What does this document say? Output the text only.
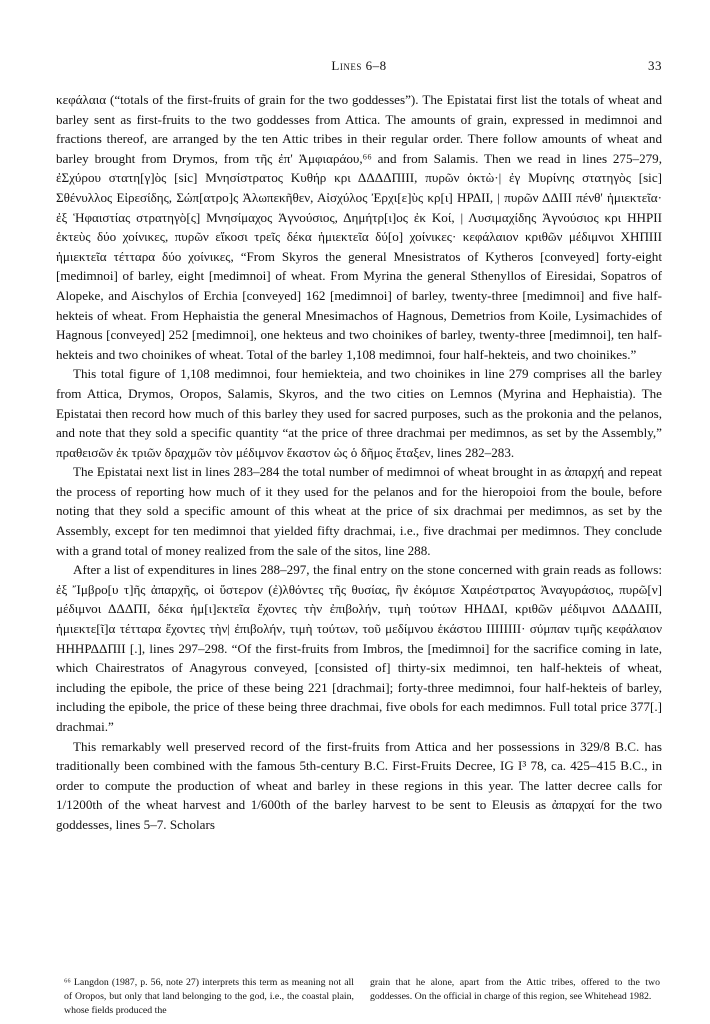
Lines 6–8	33

κεφάλαια (“totals of the first-fruits of grain for the two goddesses”). The Epistatai first list the totals of wheat and barley sent as first-fruits to the two goddesses from Attica. The amounts of grain, expressed in medimnoi and fractions thereof, are arranged by the ten Attic tribes in their regular order. There follow amounts of wheat and barley brought from Drymos, from τῆς ἐπ' Ἀμφιαράου,⁶⁶ and from Salamis. Then we read in lines 275–279, ἐΣχύρου στατη[γ]ὸς [sic] Μνησίστρατος Κυθήρ κρι ΔΔΔΔΠΙΙΙ, πυρῶν ὀκτὼ·| ἐγ Μυρίνης στατηγὸς [sic] Σθένυλλος Εἰρεσίδης, Σώπ[ατρο]ς Ἀλωπεκῆθεν, Αἰσχύλος Ἐρχι[ε]ὺς κρ[ι] ΗΡΔΙΙ, | πυρῶν ΔΔΙΙΙ πένθ' ἡμιεκτεῖα· ἐξ Ἡφαιστίας στρατηγὸ[ς] Μνησίμαχος Ἁγνούσιος, Δημήτρ[ι]ος ἐκ Κοί, | Λυσιμαχίδης Ἁγνούσιος κρι ΗΗΡΙΙ ἑκτεὺς δύο χοίνικες, πυρῶν εἴκοσι τρεῖς δέκα ἡμιεκτεῖα δύ[ο] χοίνικες· κεφάλαιον κριθῶν μέδιμνοι ΧΗΠΙΙΙ ἡμιεκτεῖα τέτταρα δύο χοίνικες, “From Skyros the general Mnesistratos of Kytheros [conveyed] forty-eight [medimnoi] of barley, eight [medimnoi] of wheat. From Myrina the general Sthenyllos of Eiresidai, Sopatros of Alopeke, and Aischylos of Erchia [conveyed] 162 [medimnoi] of barley, twenty-three [medimnoi] and five half-hekteis of wheat. From Hephaistia the general Mnesimachos of Hagnous, Demetrios from Koile, Lysimachides of Hagnous [conveyed] 252 [medimnoi], one hekteus and two choinikes of barley, twenty-three [medimnoi], ten half-hekteis and two choinikes of wheat. Total of the barley 1,108 medimnoi, four half-hekteis, and two choinikes.”

This total figure of 1,108 medimnoi, four hemiekteia, and two choinikes in line 279 comprises all the barley from Attica, Drymos, Oropos, Salamis, Skyros, and the two cities on Lemnos (Myrina and Hephaistia). The Epistatai then record how much of this barley they used for sacred purposes, such as the prokonia and the pelanos, and note that they sold a specific quantity “at the price of three drachmai per medimnos, as set by the Assembly,” πραθεισῶν ἐκ τριῶν δραχμῶν τὸν μέδιμνον ἕκαστον ὡς ὁ δῆμος ἔταξεν, lines 282–283.

The Epistatai next list in lines 283–284 the total number of medimnoi of wheat brought in as ἀπαρχή and repeat the process of reporting how much of it they used for the pelanos and for the hieropoioi from the boule, before noting that they sold a specific amount of this wheat at the price of six drachmai per medimnos, as set by the Assembly, except for ten medimnoi that yielded fifty drachmai, i.e., five drachmai per medimnos. They conclude with a grand total of money realized from the sale of the sitos, line 288.

After a list of expenditures in lines 288–297, the final entry on the stone concerned with grain reads as follows: ἐξ Ἴμβρο[υ τ]ῆς ἀπαρχῆς, οἱ ὕστερον (ἐ)λθόντες τῆς θυσίας, ἣν ἐκόμισε Χαιρέστρατος Ἀναγυράσιος, πυρῶ[ν] μέδιμνοι ΔΔΔΠΙ, δέκα ἡμ[ι]εκτεῖα ἔχοντες τὴν ἐπιβολήν, τιμὴ τούτων ΗΗΔΔΙ, κριθῶν μέδιμνοι ΔΔΔΔΙΙΙ, ἡμιεκτε[ῖ]α τέτταρα ἔχοντες τὴν| ἐπιβολήν, τιμὴ τούτων, τοῦ μεδίμνου ἑκάστου ΙΙΙΙΙΙΙΙ· σύμπαν τιμῆς κεφάλαιον ΗΗΗΡΔΔΠΙΙ [.], lines 297–298. “Of the first-fruits from Imbros, the [medimnoi] for the sacrifice coming in late, which Chairestratos of Anagyrous conveyed, [consisted of] thirty-six medimnoi, ten half-hekteis of wheat, including the epibole, the price of these being 221 [drachmai]; forty-three medimnoi, four half-hekteis of barley, including the epibole, the price of these being three drachmai, five obols for each medimnos. Full total price 377[.] drachmai.”

This remarkably well preserved record of the first-fruits from Attica and her possessions in 329/8 B.C. has traditionally been combined with the famous 5th-century B.C. First-Fruits Decree, IG I³ 78, ca. 425–415 B.C., in order to compute the production of wheat and barley in these regions in this year. The latter decree calls for 1/1200th of the wheat harvest and 1/600th of the barley harvest to be sent to Eleusis as ἀπαρχαί for the two goddesses, lines 5–7. Scholars

⁶⁶ Langdon (1987, p. 56, note 27) interprets this term as meaning not all of Oropos, but only that land belonging to the god, i.e., the coastal plain, whose fields produced the
grain that he alone, apart from the Attic tribes, offered to the two goddesses. On the official in charge of this region, see Whitehead 1982.
